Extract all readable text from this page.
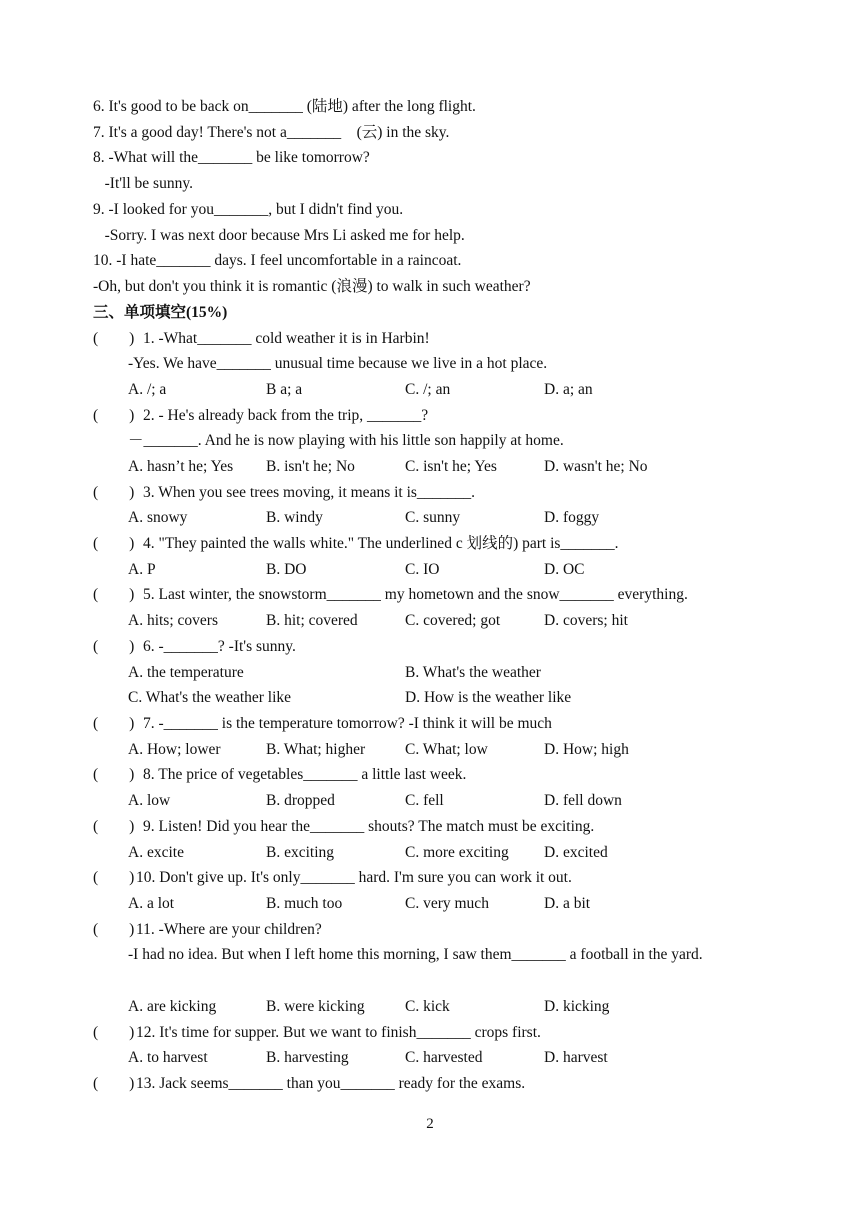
6. It's good to be back on_______ (陆地) after the long flight.
7. It's a good day! There's not a_______    (云) in the sky.
8. -What will the_______ be like tomorrow?
-It'll be sunny.
9. -I looked for you_______, but I didn't find you.
-Sorry. I was next door because Mrs Li asked me for help.
10. -I hate_______ days. I feel uncomfortable in a raincoat.
-Oh, but don't you think it is romantic (浪漫) to walk in such weather?
三、单项填空(15%)
(        ) 1. -What_______ cold weather it is in Harbin!
-Yes. We have_______ unusual time because we live in a hot place.
A. /; a	B a; a	C. /; an	D. a; an
(        ) 2. - He's already back from the trip, _______?
－_______. And he is now playing with his little son happily at home.
A. hasn’t he; Yes B. isn't he; No	C. isn't he; Yes	D. wasn't he; No
(        ) 3. When you see trees moving, it means it is_______.
A. snowy	B. windy	C. sunny	D. foggy
(        ) 4. "They painted the walls white." The underlined c 划线的) part is_______.
A. P	B. DO	C. IO	D. OC
(        ) 5. Last winter, the snowstorm_______ my hometown and the snow_______ everything.
A. hits; covers	B. hit; covered	C. covered; got	D. covers; hit
(        ) 6. -_______? -It's sunny.
A. the temperature	B. What's the weather
C. What's the weather like	D. How is the weather like
(        ) 7. -_______ is the temperature tomorrow? -I think it will be much
A. How; lower	B. What; higher	C. What; low	D. How; high
(        ) 8. The price of vegetables_______ a little last week.
A. low	B. dropped	C. fell	D. fell down
(        ) 9. Listen! Did you hear the_______ shouts? The match must be exciting.
A. excite	B. exciting	C. more exciting D. excited
(        ) 10. Don't give up. It's only_______ hard. I'm sure you can work it out.
A. a lot	B. much too	C. very much	D. a bit
(        ) 11. -Where are your children?
-I had no idea. But when I left home this morning, I saw them_______ a football in the yard.
A. are kicking	B. were kicking	C. kick	D. kicking
(        ) 12. It's time for supper. But we want to finish_______ crops first.
A. to harvest	B. harvesting	C. harvested	D. harvest
(        ) 13. Jack seems_______ than you_______ ready for the exams.
2
